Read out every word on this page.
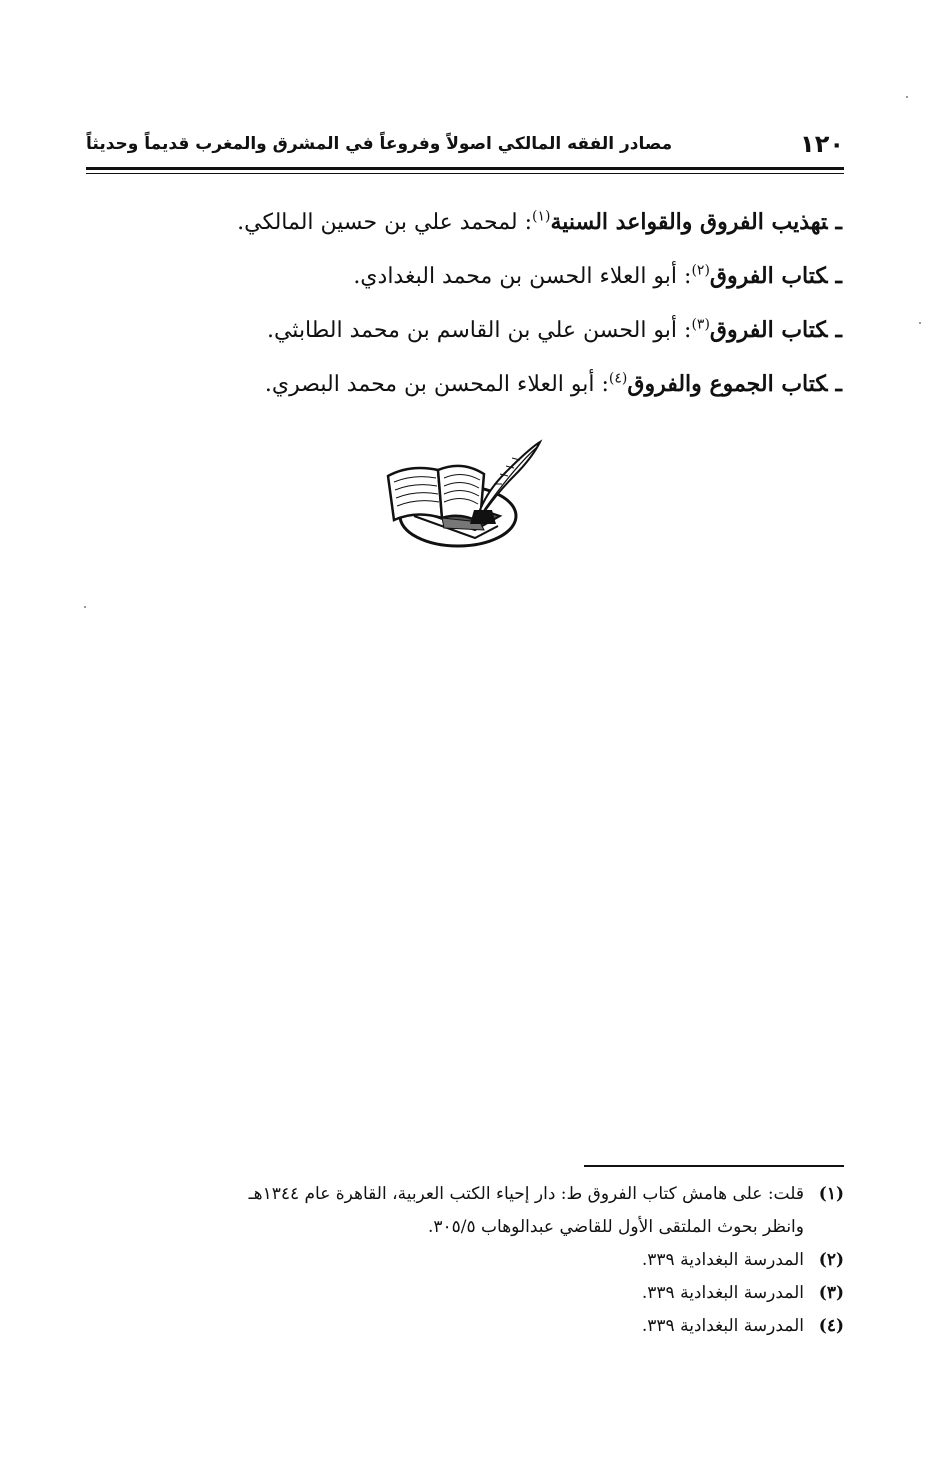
١٢٠
مصادر الفقه المالكي اصولاً وفروعاً في المشرق والمغرب قديماً وحديثاً
ـتهذيب الفروق والقواعد السنية$^{(١)}$: لمحمد علي بن حسين المالكي.
ـكتاب الفروق$^{(٢)}$: أبو العلاء الحسن بن محمد البغدادي.
ـكتاب الفروق$^{(٣)}$: أبو الحسن علي بن القاسم بن محمد الطابثي.
ـكتاب الجموع والفروق$^{(٤)}$: أبو العلاء المحسن بن محمد البصري.
(١)قلت: على هامش كتاب الفروق ط: دار إحياء الكتب العربية، القاهرة عام ١٣٤٤هـ
وانظر بحوث الملتقى الأول للقاضي عبدالوهاب ٣٠٥/٥.
(٢)المدرسة البغدادية ٣٣٩.
(٣)المدرسة البغدادية ٣٣٩.
(٤)المدرسة البغدادية ٣٣٩.
